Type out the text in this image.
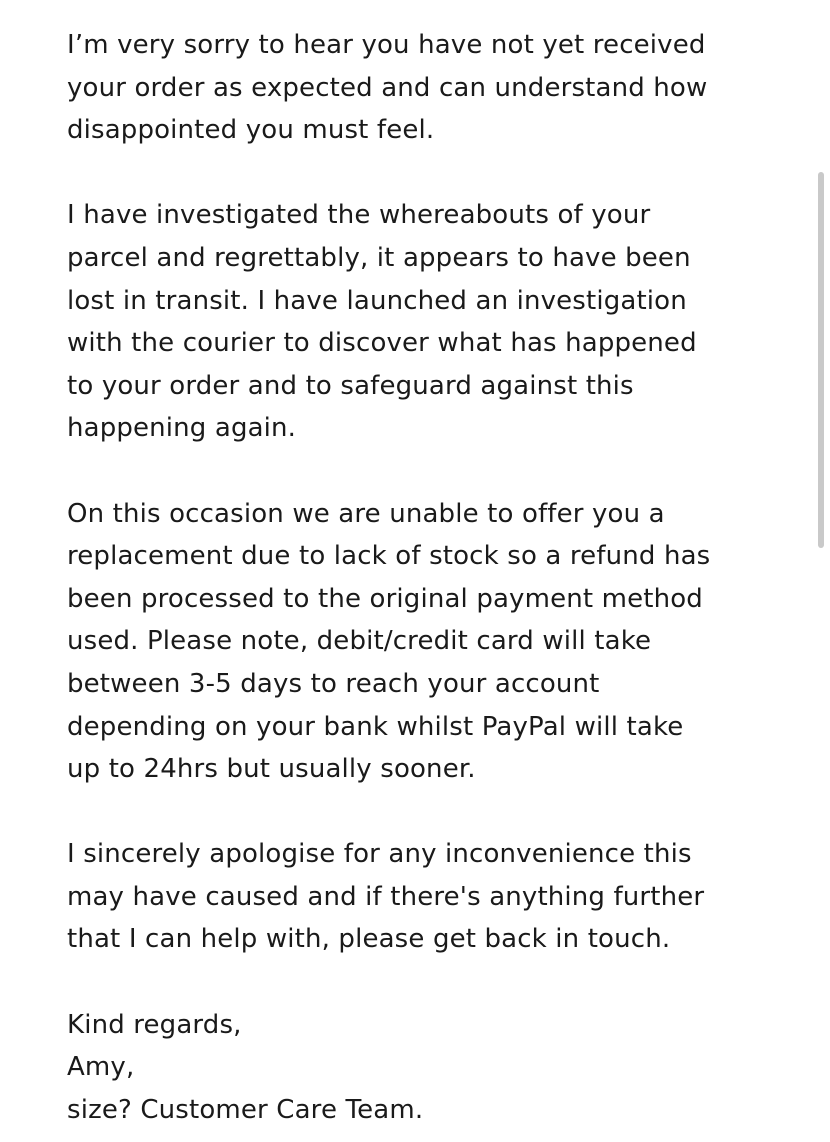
I’m very sorry to hear you have not yet received
your order as expected and can understand how
disappointed you must feel.

I have investigated the whereabouts of your
parcel and regrettably, it appears to have been
lost in transit. I have launched an investigation
with the courier to discover what has happened
to your order and to safeguard against this
happening again.

On this occasion we are unable to offer you a
replacement due to lack of stock so a refund has
been processed to the original payment method
used. Please note, debit/credit card will take
between 3-5 days to reach your account
depending on your bank whilst PayPal will take
up to 24hrs but usually sooner.

I sincerely apologise for any inconvenience this
may have caused and if there's anything further
that I can help with, please get back in touch.

Kind regards,
Amy,
size? Customer Care Team.
